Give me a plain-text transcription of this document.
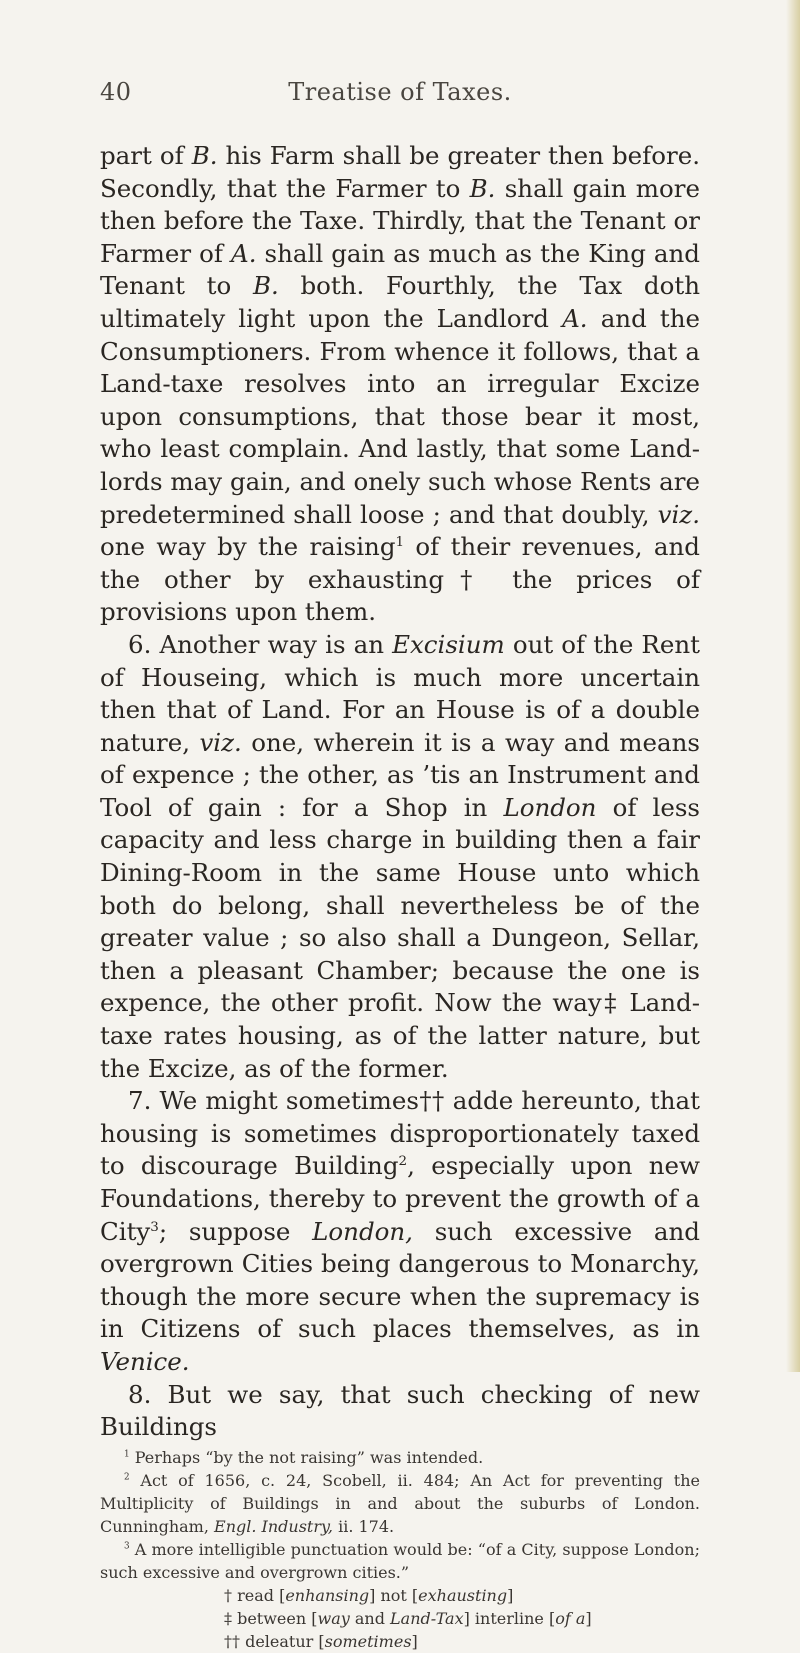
40	Treatise of Taxes.

part of B. his Farm shall be greater then before. Secondly, that the Farmer to B. shall gain more then before the Taxe. Thirdly, that the Tenant or Farmer of A. shall gain as much as the King and Tenant to B. both. Fourthly, the Tax doth ultimately light upon the Landlord A. and the Consumptioners. From whence it follows, that a Land-taxe resolves into an irregular Excize upon consumptions, that those bear it most, who least complain. And lastly, that some Landlords may gain, and onely such whose Rents are predetermined shall loose ; and that doubly, viz. one way by the raising$^1$ of their revenues, and the other by exhausting† the prices of provisions upon them.

6. Another way is an Excisium out of the Rent of Houseing, which is much more uncertain then that of Land. For an House is of a double nature, viz. one, wherein it is a way and means of expence ; the other, as ’tis an Instrument and Tool of gain : for a Shop in London of less capacity and less charge in building then a fair Dining-Room in the same House unto which both do belong, shall nevertheless be of the greater value ; so also shall a Dungeon, Sellar, then a pleasant Chamber; because the one is expence, the other profit. Now the way‡ Land-taxe rates housing, as of the latter nature, but the Excize, as of the former.

7. We might sometimes†† adde hereunto, that housing is sometimes disproportionately taxed to discourage Building$^2$, especially upon new Foundations, thereby to prevent the growth of a City$^3$; suppose London, such excessive and overgrown Cities being dangerous to Monarchy, though the more secure when the supremacy is in Citizens of such places themselves, as in Venice.

8. But we say, that such checking of new Buildings

$^1$ Perhaps “by the not raising” was intended.

$^2$ Act of 1656, c. 24, Scobell, ii. 484; An Act for preventing the Multiplicity of Buildings in and about the suburbs of London. Cunningham, Engl. Industry, ii. 174.

$^3$ A more intelligible punctuation would be: “of a City, suppose London; such excessive and overgrown cities.”

† read [enhansing] not [exhausting]

‡ between [way and Land-Tax] interline [of a]

†† deleatur [sometimes]
